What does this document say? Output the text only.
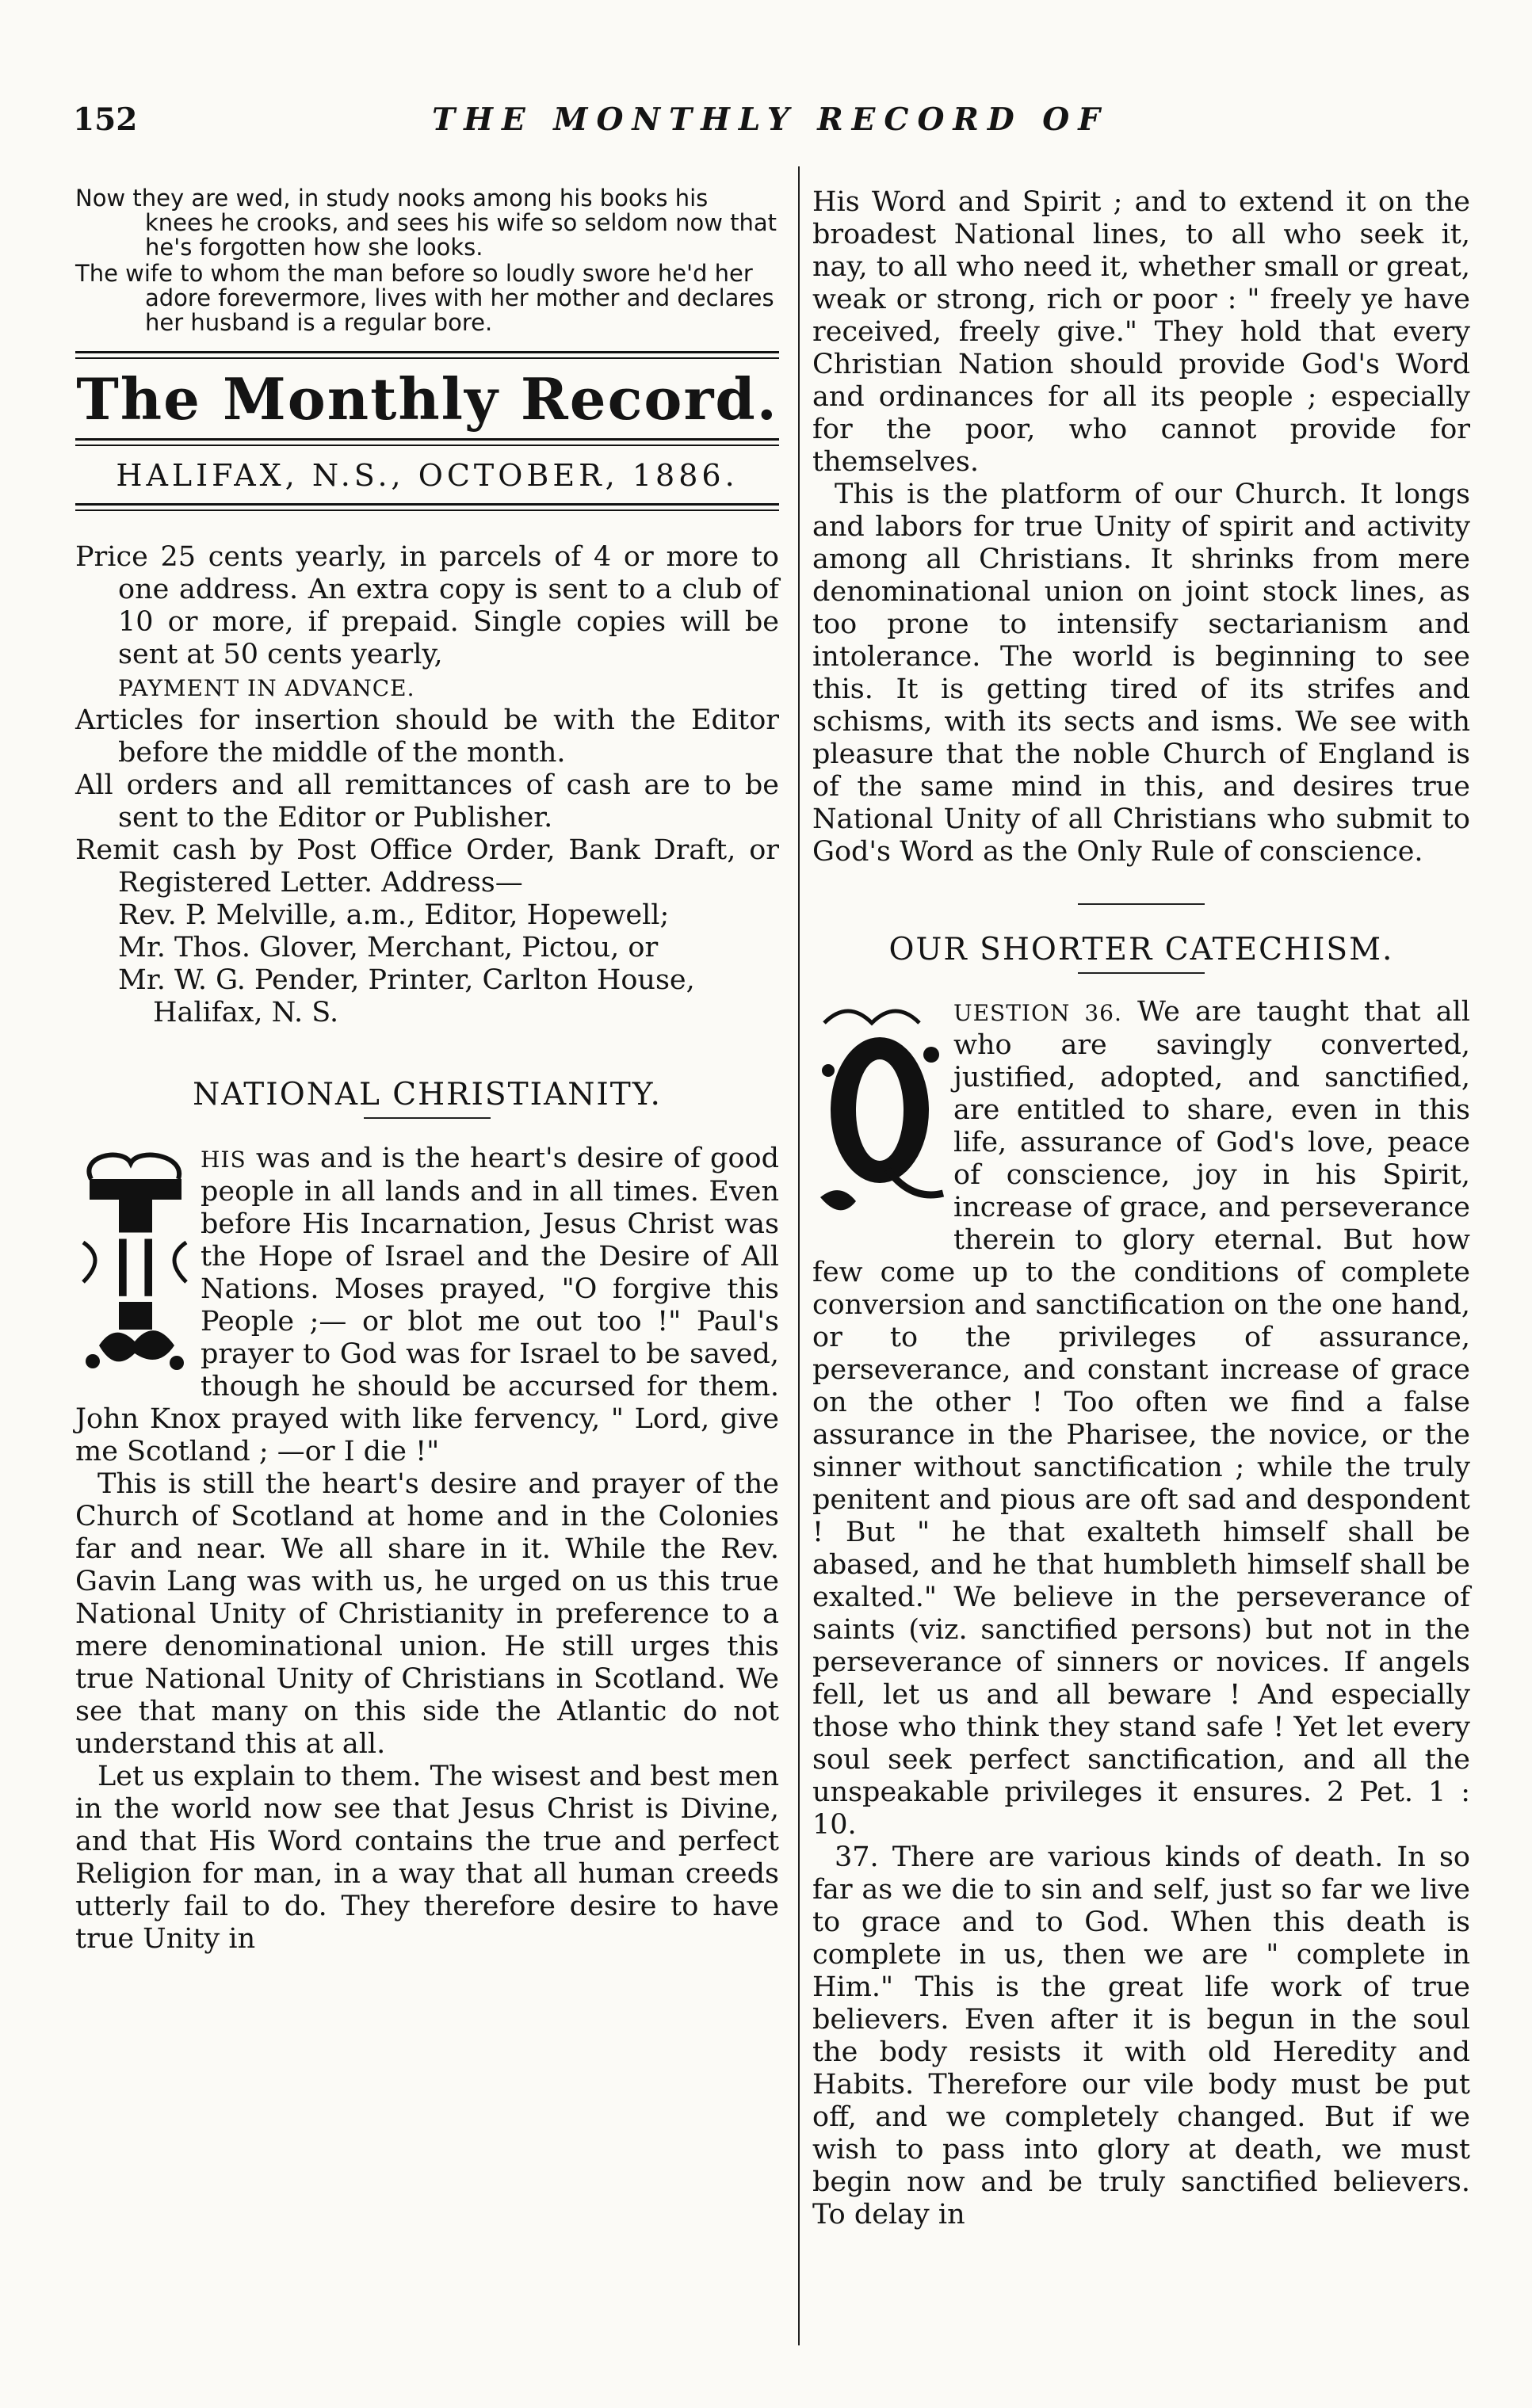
152	THE MONTHLY RECORD OF

Now they are wed, in study nooks among his books his knees he crooks, and sees his wife so seldom now that he's forgotten how she looks.

The wife to whom the man before so loudly swore he'd her adore forevermore, lives with her mother and declares her husband is a regular bore.

The Monthly Record.
HALIFAX, N.S., OCTOBER, 1886.

Price 25 cents yearly, in parcels of 4 or more to one address. An extra copy is sent to a club of 10 or more, if prepaid. Single copies will be sent at 50 cents yearly,
PAYMENT IN ADVANCE.

Articles for insertion should be with the Editor before the middle of the month.

All orders and all remittances of cash are to be sent to the Editor or Publisher.

Remit cash by Post Office Order, Bank Draft, or Registered Letter. Address—

Rev. P. Melville, a.m., Editor, Hopewell;

Mr. Thos. Glover, Merchant, Pictou, or

Mr. W. G. Pender, Printer, Carlton House, Halifax, N. S.

NATIONAL CHRISTIANITY.
T

HIS was and is the heart's desire of good people in all lands and in all times. Even before His Incarnation, Jesus Christ was the Hope of Israel and the Desire of All Nations. Moses prayed, "O forgive this People ;— or blot me out too !" Paul's prayer to God was for Israel to be saved, though he should be accursed for them. John Knox prayed with like fervency, " Lord, give me Scotland ; —or I die !"

This is still the heart's desire and prayer of the Church of Scotland at home and in the Colonies far and near. We all share in it. While the Rev. Gavin Lang was with us, he urged on us this true National Unity of Christianity in preference to a mere denominational union. He still urges this true National Unity of Christians in Scotland. We see that many on this side the Atlantic do not understand this at all.

Let us explain to them. The wisest and best men in the world now see that Jesus Christ is Divine, and that His Word contains the true and perfect Religion for man, in a way that all human creeds utterly fail to do. They therefore desire to have true Unity in

His Word and Spirit ; and to extend it on the broadest National lines, to all who seek it, nay, to all who need it, whether small or great, weak or strong, rich or poor : " freely ye have received, freely give." They hold that every Christian Nation should provide God's Word and ordinances for all its people ; especially for the poor, who cannot provide for themselves.

This is the platform of our Church. It longs and labors for true Unity of spirit and activity among all Christians. It shrinks from mere denominational union on joint stock lines, as too prone to intensify sectarianism and intolerance. The world is beginning to see this. It is getting tired of its strifes and schisms, with its sects and isms. We see with pleasure that the noble Church of England is of the same mind in this, and desires true National Unity of all Christians who submit to God's Word as the Only Rule of conscience.

OUR SHORTER CATECHISM.

UESTION 36. We are taught that all who are savingly converted, justified, adopted, and sanctified, are entitled to share, even in this life, assurance of God's love, peace of conscience, joy in his Spirit, increase of grace, and perseverance therein to glory eternal. But how few come up to the conditions of complete conversion and sanctification on the one hand, or to the privileges of assurance, perseverance, and constant increase of grace on the other ! Too often we find a false assurance in the Pharisee, the novice, or the sinner without sanctification ; while the truly penitent and pious are oft sad and despondent ! But " he that exalteth himself shall be abased, and he that humbleth himself shall be exalted." We believe in the perseverance of saints (viz. sanctified persons) but not in the perseverance of sinners or novices. If angels fell, let us and all beware ! And especially those who think they stand safe ! Yet let every soul seek perfect sanctification, and all the unspeakable privileges it ensures. 2 Pet. 1 : 10.

37. There are various kinds of death. In so far as we die to sin and self, just so far we live to grace and to God. When this death is complete in us, then we are " complete in Him." This is the great life work of true believers. Even after it is begun in the soul the body resists it with old Heredity and Habits. Therefore our vile body must be put off, and we completely changed. But if we wish to pass into glory at death, we must begin now and be truly sanctified believers. To delay in
